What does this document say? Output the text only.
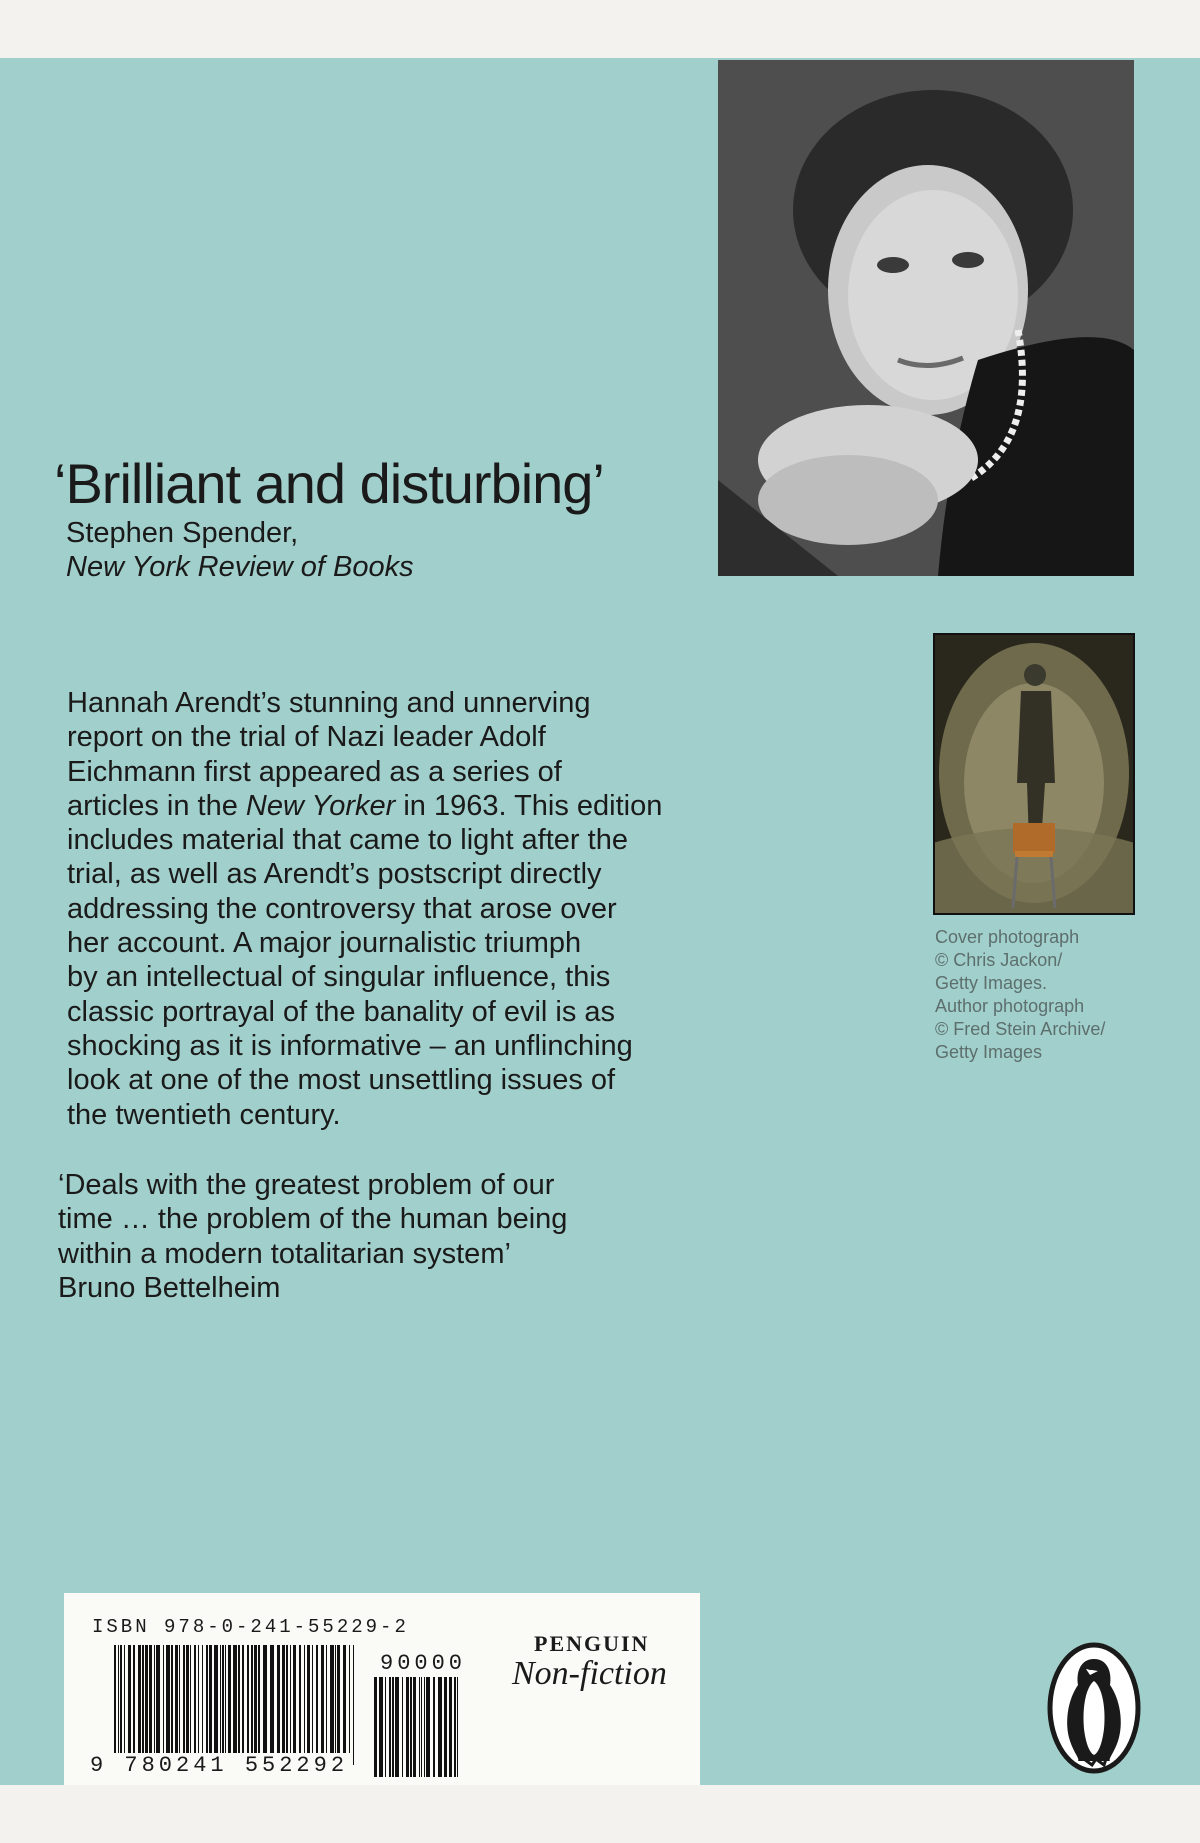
‘Brilliant and disturbing’
Stephen Spender,
New York Review of Books
Hannah Arendt’s stunning and unnerving
report on the trial of Nazi leader Adolf
Eichmann first appeared as a series of
articles in the New Yorker in 1963. This edition
includes material that came to light after the
trial, as well as Arendt’s postscript directly
addressing the controversy that arose over
her account. A major journalistic triumph
by an intellectual of singular influence, this
classic portrayal of the banality of evil is as
shocking as it is informative – an unflinching
look at one of the most unsettling issues of
the twentieth century.
‘Deals with the greatest problem of our
time … the problem of the human being
within a modern totalitarian system’
Bruno Bettelheim
Cover photograph
© Chris Jackon/
Getty Images.
Author photograph
© Fred Stein Archive/
Getty Images
ISBN 978-0-241-55229-2
90000
9 780241 552292
PENGUIN
Non-fiction
